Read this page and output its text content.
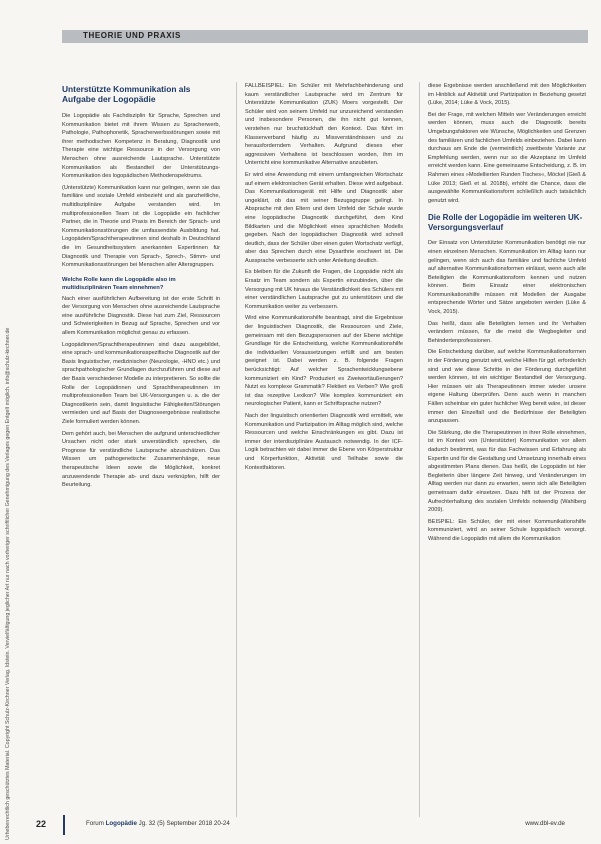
THEORIE UND PRAXIS
Urheberrechtlich geschütztes Material. Copyright Schulz-Kirchner Verlag. Idstein. Vervielfältigung jeglicher Art nur nach vorheriger schriftlicher Genehmigung des Verlages gegen Entgelt möglich. info@schulz-kirchner.de
Unterstützte Kommunikation als Aufgabe der Logopädie

Die Logopädie als Fachdisziplin für Sprache, Sprechen und Kommunikation bietet mit ihrem Wissen zu Spracherwerb, Pathologie, Pathophonetik, Spracherwerbsstörungen sowie mit ihrer methodischen Kompetenz in Beratung, Diagnostik und Therapie eine wichtige Ressource in der Versorgung von Menschen ohne ausreichende Lautsprache. Unterstützte Kommunikation als Bestandteil der Unterstützungs-Kommunikation des logopädischen Methodenspektrums.

(Unterstützte) Kommunikation kann nur gelingen, wenn sie das familiäre und soziale Umfeld einbezieht und als ganzheitliche, multidisziplinäre Aufgabe verstanden wird. Im multiprofessionellen Team ist die Logopädie ein fachlicher Partner, die in Theorie und Praxis im Bereich der Sprach- und Kommunikationsstörungen die umfassendste Ausbildung hat. Logopäden/Sprachtherapeutinnen sind deshalb in Deutschland die im Gesundheitssystem anerkannten Expertinnen für Diagnostik und Therapie von Sprach-, Sprech-, Stimm- und Kommunikationsstörungen bei Menschen aller Altersgruppen.

Welche Rolle kann die Logopädie also im multidisziplinären Team einnehmen?

Nach einer ausführlichen Aufbereitung ist der erste Schritt in der Versorgung von Menschen ohne ausreichende Lautsprache eine ausführliche Diagnostik. Diese hat zum Ziel, Ressourcen und Schwierigkeiten in Bezug auf Sprache, Sprechen und vor allem Kommunikation möglichst genau zu erfassen.

Logopädinnen/Sprachtherapeutinnen sind dazu ausgebildet, eine sprach- und kommunikationsspezifische Diagnostik auf der Basis linguistischer, medizinischer (Neurologie, -HNO etc.) und sprachpathologischer Grundlagen durchzuführen und diese auf der Basis verschiedener Modelle zu interpretieren. So sollte die Rolle der Logopädinnen und Sprachtherapeutinnen im multiprofessionellen Team bei UK-Versorgungen u. a. die der Diagnostikerin sein, damit linguistische Fähigkeiten/Störungen vermieden und auf Basis der Diagnoseergebnisse realistische Ziele formuliert werden können.

Dem gehört auch, bei Menschen die aufgrund unterschiedlicher Ursachen nicht oder stark unverständlich sprechen, die Prognose für verständliche Lautsprache abzuschätzen. Das Wissen um pathogenetische Zusammenhänge, neue therapeutische Ideen sowie die Möglichkeit, konkret anzuwendende Therapie ab- und dazu verknüpfen, hilft der Beurteilung.

FALLBEISPIEL: Ein Schüler mit Mehrfachbehinderung und kaum verständlicher Lautsprache wird im Zentrum für Unterstützte Kommunikation (ZUK) Moers vorgestellt. Der Schüler wird von seinem Umfeld nur unzureichend verstanden und insbesondere Personen, die ihn nicht gut kennen, verstehen nur bruchstückhaft den Kontext. Das führt im Klassenverband häufig zu Missverständnissen und zu herausforderndem Verhalten. Aufgrund dieses eher aggressiven Verhaltens ist beschlossen worden, ihm im Unterricht eine kommunikative Alternative anzubieten.

Er wird eine Anwendung mit einem umfangreichen Wortschatz auf einem elektronischen Gerät erhalten. Diese wird aufgebaut. Das Kommunikationsgerät mit Hilfe und Diagnostik aber ungeklärt, ob das mit seiner Bezugsgruppe gelingt. In Absprache mit den Eltern und dem Umfeld der Schule wurde eine logopädische Diagnostik durchgeführt, dem Kind Bildkarten und die Möglichkeit eines sprachlichen Modells gegeben. Nach der logopädischen Diagnostik wird schnell deutlich, dass der Schüler über einen guten Wortschatz verfügt, aber das Sprechen durch eine Dysarthrie erschwert ist. Die Aussprache verbesserte sich unter Anleitung deutlich.

Es bleiben für die Zukunft die Fragen, die Logopädie nicht als Ersatz im Team sondern als Expertin einzubinden, über die Versorgung mit UK hinaus die Verständlichkeit des Schülers mit einer verständlichen Lautsprache gut zu unterstützen und die Kommunikation weiter zu verbessern.

Wird eine Kommunikationshilfe beantragt, sind die Ergebnisse der linguistischen Diagnostik, die Ressourcen und Ziele, gemeinsam mit den Bezugspersonen auf der Ebene wichtige Grundlage für die Entscheidung, welche Kommunikationshilfe die individuellen Voraussetzungen erfüllt und am besten geeignet ist. Dabei werden z. B. folgende Fragen berücksichtigt: Auf welcher Sprachentwicklungsebene kommuniziert ein Kind? Produziert es Zweiwortäußerungen? Nutzt es komplexe Grammatik? Flektiert es Verben? Wie groß ist das rezeptive Lexikon? Wie komplex kommuniziert ein neurologischer Patient, kann er Schriftsprache nutzen?

Nach der linguistisch orientierten Diagnostik wird ermittelt, wie Kommunikation und Partizipation im Alltag möglich sind, welche Ressourcen und welche Einschränkungen es gibt. Dazu ist immer der interdisziplinäre Austausch notwendig. In der ICF-Logik betrachten wir dabei immer die Ebene von Körperstruktur und Körperfunktion, Aktivität und Teilhabe sowie die Kontextfaktoren.

diese Ergebnisse werden anschließend mit den Möglichkeiten im Hinblick auf Aktivität und Partizipation in Beziehung gesetzt (Lüke, 2014; Lüke & Vock, 2015).

Bei der Frage, mit welchen Mitteln wer Veränderungen erreicht werden können, muss auch die Diagnostik bereits Umgebungsfaktoren wie Wünsche, Möglichkeiten und Grenzen des familiären und fachlichen Umfelds einbeziehen. Dabei kann durchaus am Ende die (vermeintlich) zweitbeste Variante zur Empfehlung werden, wenn nur so die Akzeptanz im Umfeld erreicht werden kann. Eine gemeinsame Entscheidung, z. B. im Rahmen eines »Modellierten Runden Tisches«, Möckel (Gieß & Lüke 2013; Gieß et al. 2018b), erhöht die Chance, dass die ausgewählte Kommunikationsform schließlich auch tatsächlich genutzt wird.

Die Rolle der Logopädie im weiteren UK-Versorgungsverlauf

Der Einsatz von Unterstützter Kommunikation benötigt nie nur einen einzelnen Menschen. Kommunikation im Alltag kann nur gelingen, wenn sich auch das familiäre und fachliche Umfeld auf alternative Kommunikationsformen einlässt, wenn auch alle Beteiligten die Kommunikationsform kennen und nutzen können. Beim Einsatz einer elektronischen Kommunikationshilfe müssen mit Modellen der Ausgabe entsprechende Wörter und Sätze angeboten werden (Lüke & Vock, 2015).

Das heißt, dass alle Beteiligten lernen und ihr Verhalten verändern müssen, für die meist die Wegbegleiter und Behindertenprofessionen.

Die Entscheidung darüber, auf welche Kommunikationsformen in der Förderung genutzt wird, welche Hilfen für ggf. erforderlich sind und wie diese Schritte in der Förderung durchgeführt werden können, ist ein wichtiger Bestandteil der Versorgung. Hier müssen wir als Therapeutinnen immer wieder unsere eigene Haltung überprüfen. Denn auch wenn in manchen Fällen scheinbar ein guter fachlicher Weg bereit wäre, ist dieser immer den Einzelfall und die Bedürfnisse der Beteiligten anzupassen.

Die Stärkung, die die Therapeutinnen in ihrer Rolle einnehmen, ist im Kontext von (Unterstützter) Kommunikation vor allem dadurch bestimmt, was für das Fachwissen und Erfahrung als Expertin und für die Gestaltung und Umsetzung innerhalb eines abgestimmten Plans dienen. Das heißt, die Logopädin ist hier Begleiterin über längere Zeit hinweg, und Veränderungen im Alltag werden nur dann zu erwarten, wenn sich alle Beteiligten gemeinsam dafür einsetzen. Dazu hilft ist der Prozess der Aufrechterhaltung des sozialen Umfelds notwendig (Wahlberg 2009).

BEISPIEL: Ein Schüler, der mit einer Kommunikationshilfe kommuniziert, wird an seiner Schule logopädisch versorgt. Während die Logopädin mit allem die Kommunikation

22	Forum Logopädie Jg. 32 (5) September 2018 20-24	www.dbl-ev.de
